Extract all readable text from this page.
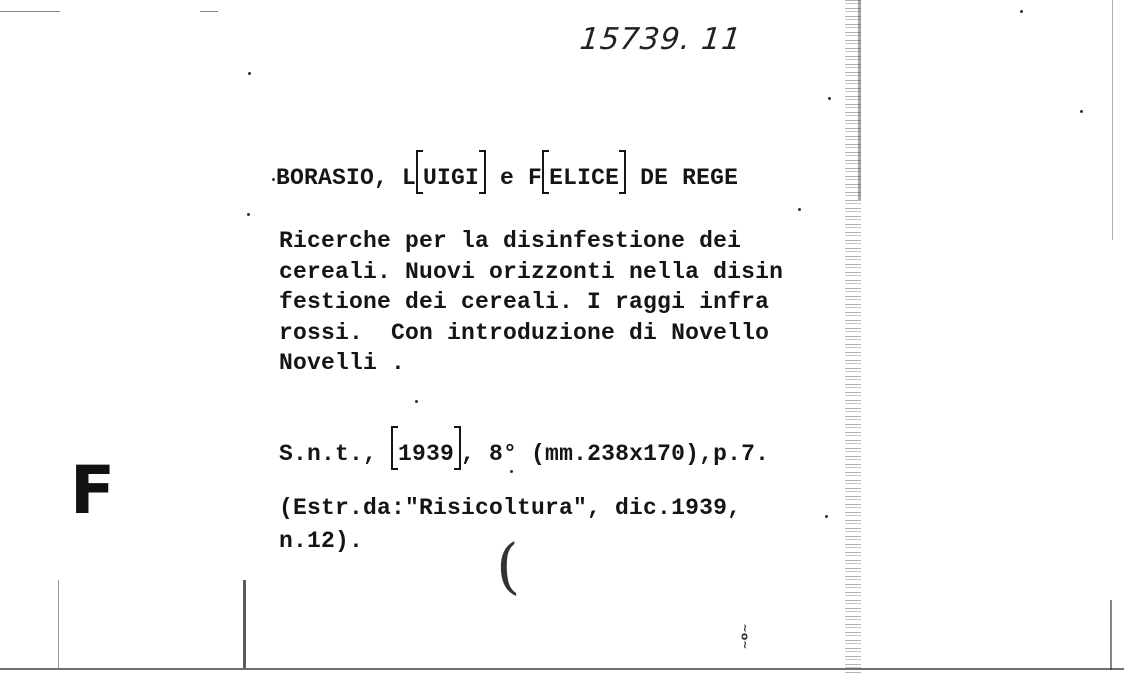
15739. 11
BORASIO, L UIGI e F ELICE DE REGE
Ricerche per la disinfestione dei
cereali. Nuovi orizzonti nella disin
festione dei cereali. I raggi infra
rossi.  Con introduzione di Novello
Novelli .
S.n.t., 1939 , 8° (mm.238x170),p.7.
(Estr.da:"Risicoltura", dic.1939,
n.12).
F
(
~o~
